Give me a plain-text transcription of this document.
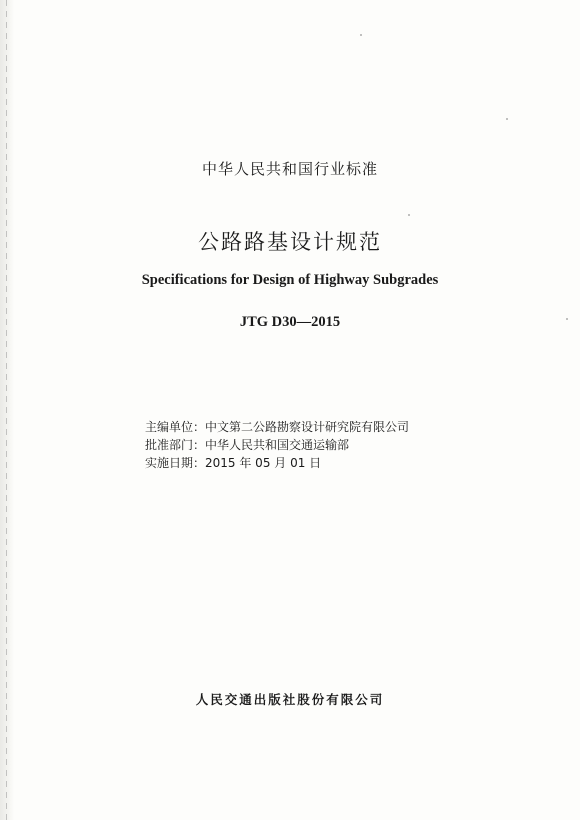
中华人民共和国行业标准
公路路基设计规范
Specifications for Design of Highway Subgrades
JTG D30—2015
主编单位：中文第二公路勘察设计研究院有限公司
批准部门：中华人民共和国交通运输部
实施日期：2015 年 05 月 01 日
人民交通出版社股份有限公司
